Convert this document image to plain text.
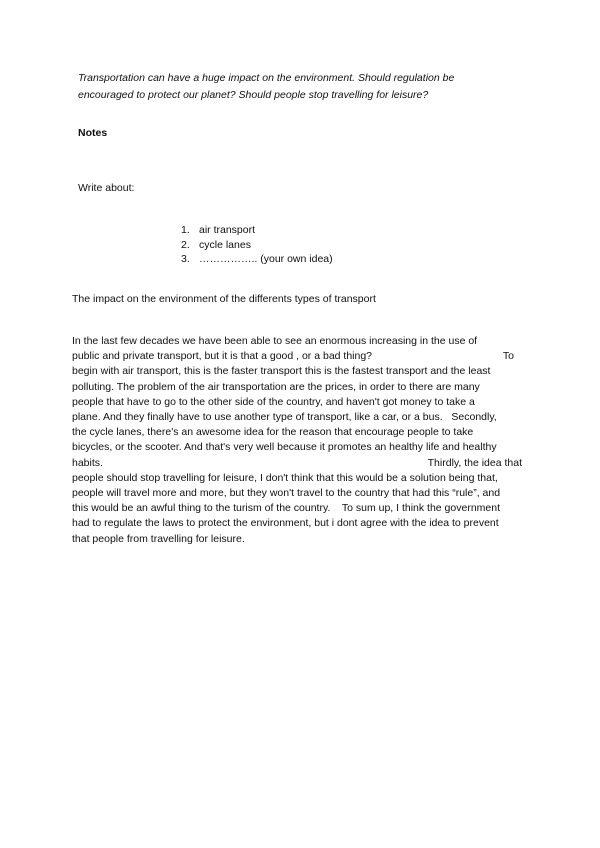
Transportation can have a huge impact on the environment. Should regulation be
encouraged to protect our planet? Should people stop travelling for leisure?
Notes
Write about:
1. air transport
2. cycle lanes
3. …………….. (your own idea)
The impact on the environment of the differents types of transport
In the last few decades we have been able to see an enormous increasing in the use of
public and private transport, but it is that a good , or a bad thing?	To
begin with air transport, this is the faster transport this is the fastest transport and the least
polluting. The problem of the air transportation are the prices, in order to there are many
people that have to go to the other side of the country, and haven't got money to take a
plane. And they finally have to use another type of transport, like a car, or a bus.   Secondly,
the cycle lanes, there's an awesome idea for the reason that encourage people to take
bicycles, or the scooter. And that's very well because it promotes an healthy life and healthy
habits.	Thirdly, the idea that
people should stop travelling for leisure, I don't think that this would be a solution being that,
people will travel more and more, but they won't travel to the country that had this “rule”, and
this would be an awful thing to the turism of the country.    To sum up, I think the government
had to regulate the laws to protect the environment, but i dont agree with the idea to prevent
that people from travelling for leisure.
